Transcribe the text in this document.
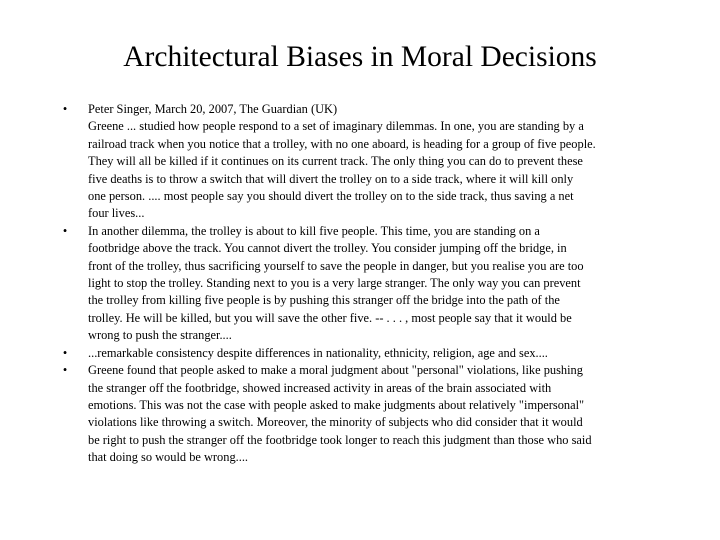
Architectural Biases in Moral Decisions
• Peter Singer, March 20, 2007, The Guardian (UK)
Greene ... studied how people respond to a set of imaginary dilemmas. In one, you are standing by a
railroad track when you notice that a trolley, with no one aboard, is heading for a group of five people.
They will all be killed if it continues on its current track. The only thing you can do to prevent these
five deaths is to throw a switch that will divert the trolley on to a side track, where it will kill only
one person. .... most people say you should divert the trolley on to the side track, thus saving a net
four lives...
• In another dilemma, the trolley is about to kill five people. This time, you are standing on a
footbridge above the track. You cannot divert the trolley. You consider jumping off the bridge, in
front of the trolley, thus sacrificing yourself to save the people in danger, but you realise you are too
light to stop the trolley. Standing next to you is a very large stranger. The only way you can prevent
the trolley from killing five people is by pushing this stranger off the bridge into the path of the
trolley. He will be killed, but you will save the other five. -- . . . , most people say that it would be
wrong to push the stranger....
• ...remarkable consistency despite differences in nationality, ethnicity, religion, age and sex....
• Greene found that people asked to make a moral judgment about "personal" violations, like pushing
the stranger off the footbridge, showed increased activity in areas of the brain associated with
emotions. This was not the case with people asked to make judgments about relatively "impersonal"
violations like throwing a switch. Moreover, the minority of subjects who did consider that it would
be right to push the stranger off the footbridge took longer to reach this judgment than those who said
that doing so would be wrong....
